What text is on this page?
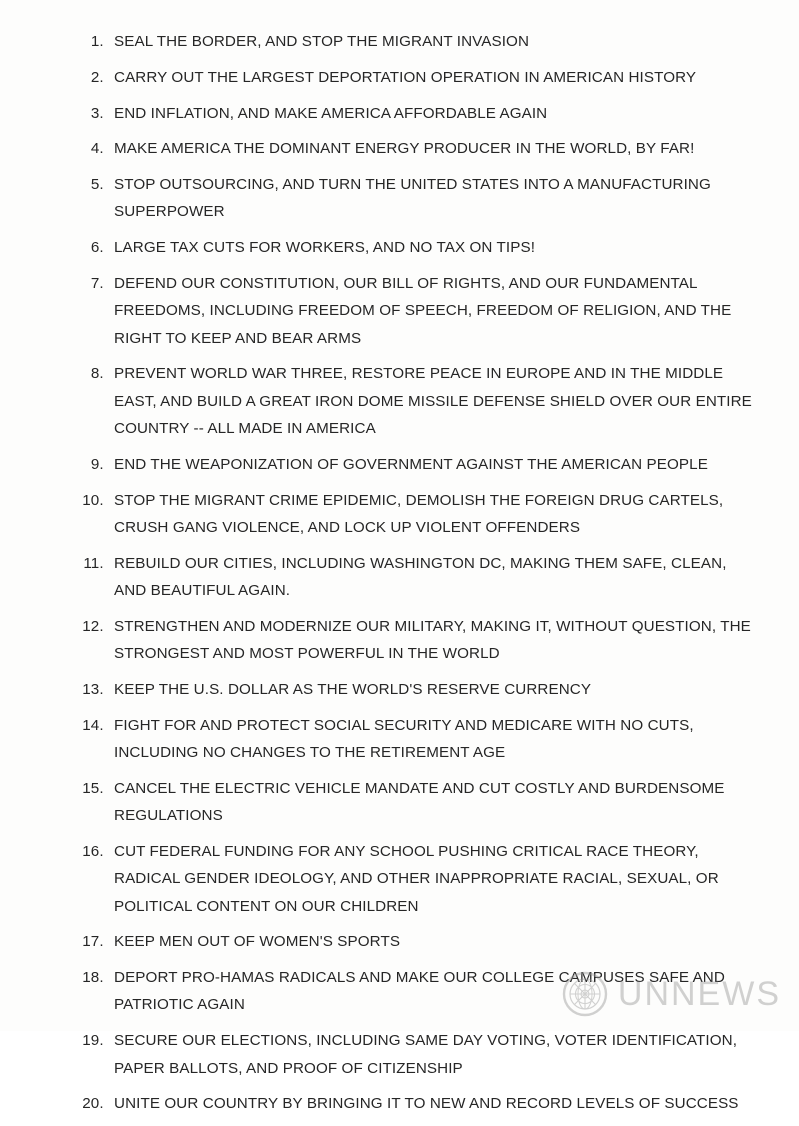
1. SEAL THE BORDER, AND STOP THE MIGRANT INVASION
2. CARRY OUT THE LARGEST DEPORTATION OPERATION IN AMERICAN HISTORY
3. END INFLATION, AND MAKE AMERICA AFFORDABLE AGAIN
4. MAKE AMERICA THE DOMINANT ENERGY PRODUCER IN THE WORLD, BY FAR!
5. STOP OUTSOURCING, AND TURN THE UNITED STATES INTO A MANUFACTURING SUPERPOWER
6. LARGE TAX CUTS FOR WORKERS, AND NO TAX ON TIPS!
7. DEFEND OUR CONSTITUTION, OUR BILL OF RIGHTS, AND OUR FUNDAMENTAL FREEDOMS, INCLUDING FREEDOM OF SPEECH, FREEDOM OF RELIGION, AND THE RIGHT TO KEEP AND BEAR ARMS
8. PREVENT WORLD WAR THREE, RESTORE PEACE IN EUROPE AND IN THE MIDDLE EAST, AND BUILD A GREAT IRON DOME MISSILE DEFENSE SHIELD OVER OUR ENTIRE COUNTRY -- ALL MADE IN AMERICA
9. END THE WEAPONIZATION OF GOVERNMENT AGAINST THE AMERICAN PEOPLE
10. STOP THE MIGRANT CRIME EPIDEMIC, DEMOLISH THE FOREIGN DRUG CARTELS, CRUSH GANG VIOLENCE, AND LOCK UP VIOLENT OFFENDERS
11. REBUILD OUR CITIES, INCLUDING WASHINGTON DC, MAKING THEM SAFE, CLEAN, AND BEAUTIFUL AGAIN.
12. STRENGTHEN AND MODERNIZE OUR MILITARY, MAKING IT, WITHOUT QUESTION, THE STRONGEST AND MOST POWERFUL IN THE WORLD
13. KEEP THE U.S. DOLLAR AS THE WORLD'S RESERVE CURRENCY
14. FIGHT FOR AND PROTECT SOCIAL SECURITY AND MEDICARE WITH NO CUTS, INCLUDING NO CHANGES TO THE RETIREMENT AGE
15. CANCEL THE ELECTRIC VEHICLE MANDATE AND CUT COSTLY AND BURDENSOME REGULATIONS
16. CUT FEDERAL FUNDING FOR ANY SCHOOL PUSHING CRITICAL RACE THEORY, RADICAL GENDER IDEOLOGY, AND OTHER INAPPROPRIATE RACIAL, SEXUAL, OR POLITICAL CONTENT ON OUR CHILDREN
17. KEEP MEN OUT OF WOMEN'S SPORTS
18. DEPORT PRO-HAMAS RADICALS AND MAKE OUR COLLEGE CAMPUSES SAFE AND PATRIOTIC AGAIN
19. SECURE OUR ELECTIONS, INCLUDING SAME DAY VOTING, VOTER IDENTIFICATION, PAPER BALLOTS, AND PROOF OF CITIZENSHIP
20. UNITE OUR COUNTRY BY BRINGING IT TO NEW AND RECORD LEVELS OF SUCCESS
UNNEWS
